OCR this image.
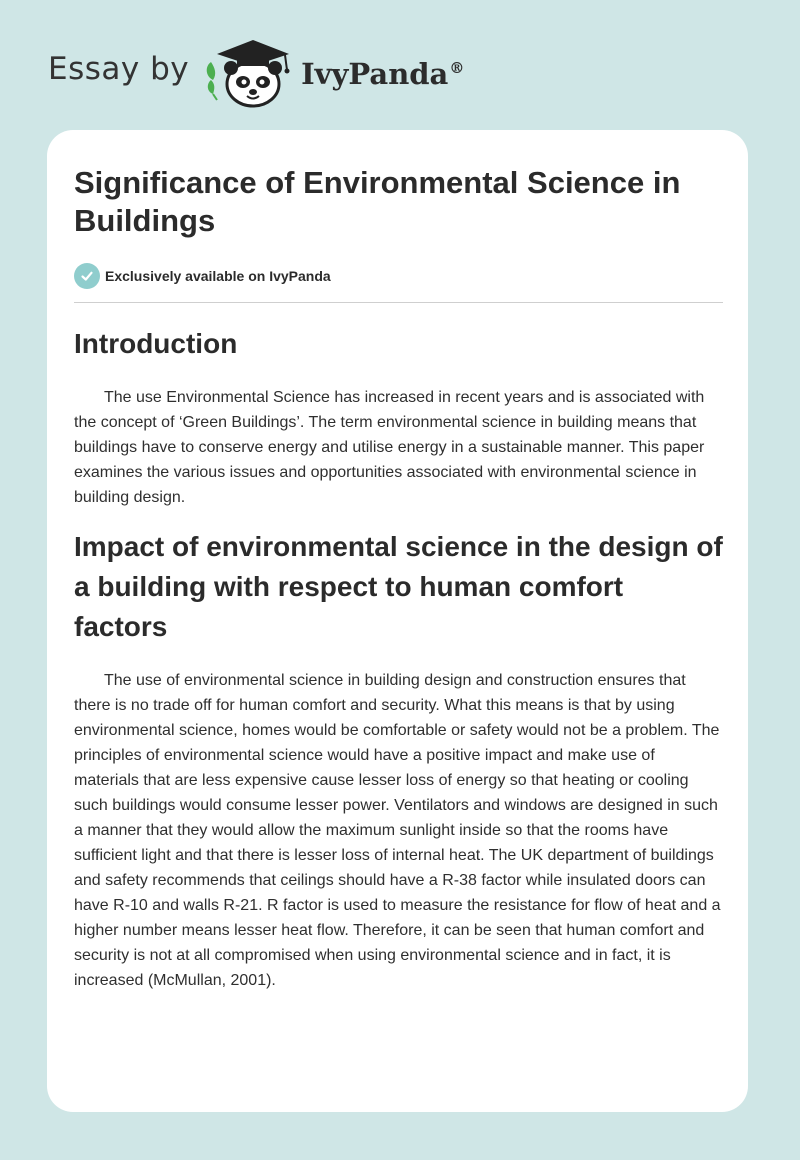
Essay by	IvyPanda®
Significance of Environmental Science in Buildings
Exclusively available on IvyPanda
Introduction

The use Environmental Science has increased in recent years and is associated with the concept of ‘Green Buildings’. The term environmental science in building means that buildings have to conserve energy and utilise energy in a sustainable manner. This paper examines the various issues and opportunities associated with environmental science in building design.

Impact of environmental science in the design of a building with respect to human comfort factors

The use of environmental science in building design and construction ensures that there is no trade off for human comfort and security. What this means is that by using environmental science, homes would be comfortable or safety would not be a problem. The principles of environmental science would have a positive impact and make use of materials that are less expensive cause lesser loss of energy so that heating or cooling such buildings would consume lesser power. Ventilators and windows are designed in such a manner that they would allow the maximum sunlight inside so that the rooms have sufficient light and that there is lesser loss of internal heat. The UK department of buildings and safety recommends that ceilings should have a R-38 factor while insulated doors can have R-10 and walls R-21. R factor is used to measure the resistance for flow of heat and a higher number means lesser heat flow. Therefore, it can be seen that human comfort and security is not at all compromised when using environmental science and in fact, it is increased (McMullan, 2001).
